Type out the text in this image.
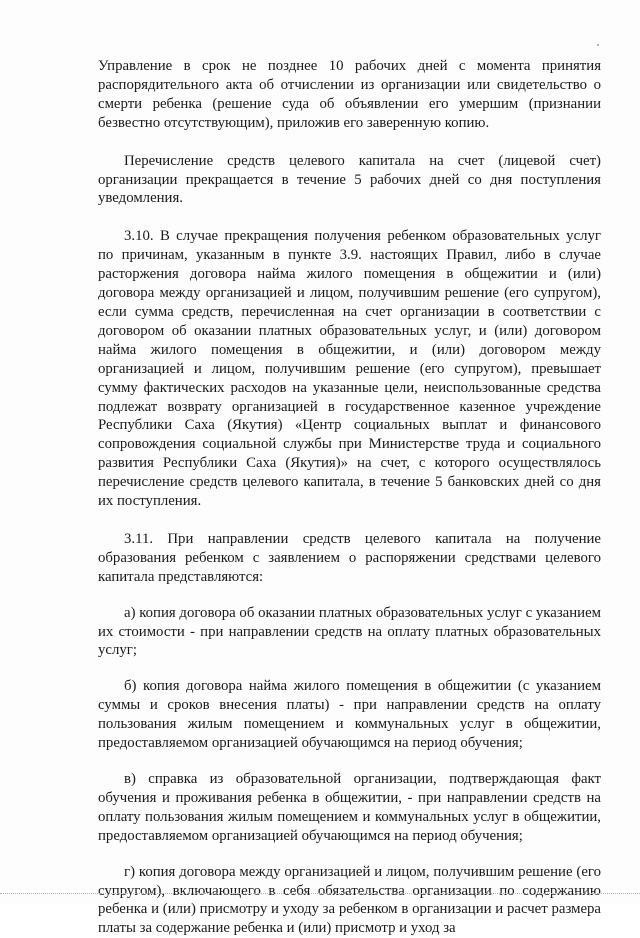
Управление в срок не позднее 10 рабочих дней с момента принятия распорядительного акта об отчислении из организации или свидетельство о смерти ребенка (решение суда об объявлении его умершим (признании безвестно отсутствующим), приложив его заверенную копию.

Перечисление средств целевого капитала на счет (лицевой счет) организации прекращается в течение 5 рабочих дней со дня поступления уведомления.

3.10. В случае прекращения получения ребенком образовательных услуг по причинам, указанным в пункте 3.9. настоящих Правил, либо в случае расторжения договора найма жилого помещения в общежитии и (или) договора между организацией и лицом, получившим решение (его супругом), если сумма средств, перечисленная на счет организации в соответствии с договором об оказании платных образовательных услуг, и (или) договором найма жилого помещения в общежитии, и (или) договором между организацией и лицом, получившим решение (его супругом), превышает сумму фактических расходов на указанные цели, неиспользованные средства подлежат возврату организацией в государственное казенное учреждение Республики Саха (Якутия) «Центр социальных выплат и финансового сопровождения социальной службы при Министерстве труда и социального развития Республики Саха (Якутия)» на счет, с которого осуществлялось перечисление средств целевого капитала, в течение 5 банковских дней со дня их поступления.

3.11. При направлении средств целевого капитала на получение образования ребенком с заявлением о распоряжении средствами целевого капитала представляются:

а) копия договора об оказании платных образовательных услуг с указанием их стоимости - при направлении средств на оплату платных образовательных услуг;

б) копия договора найма жилого помещения в общежитии (с указанием суммы и сроков внесения платы) - при направлении средств на оплату пользования жилым помещением и коммунальных услуг в общежитии, предоставляемом организацией обучающимся на период обучения;

в) справка из образовательной организации, подтверждающая факт обучения и проживания ребенка в общежитии, - при направлении средств на оплату пользования жилым помещением и коммунальных услуг в общежитии, предоставляемом организацией обучающимся на период обучения;

г) копия договора между организацией и лицом, получившим решение (его супругом), включающего в себя обязательства организации по содержанию ребенка и (или) присмотру и уходу за ребенком в организации и расчет размера платы за содержание ребенка и (или) присмотр и уход за
